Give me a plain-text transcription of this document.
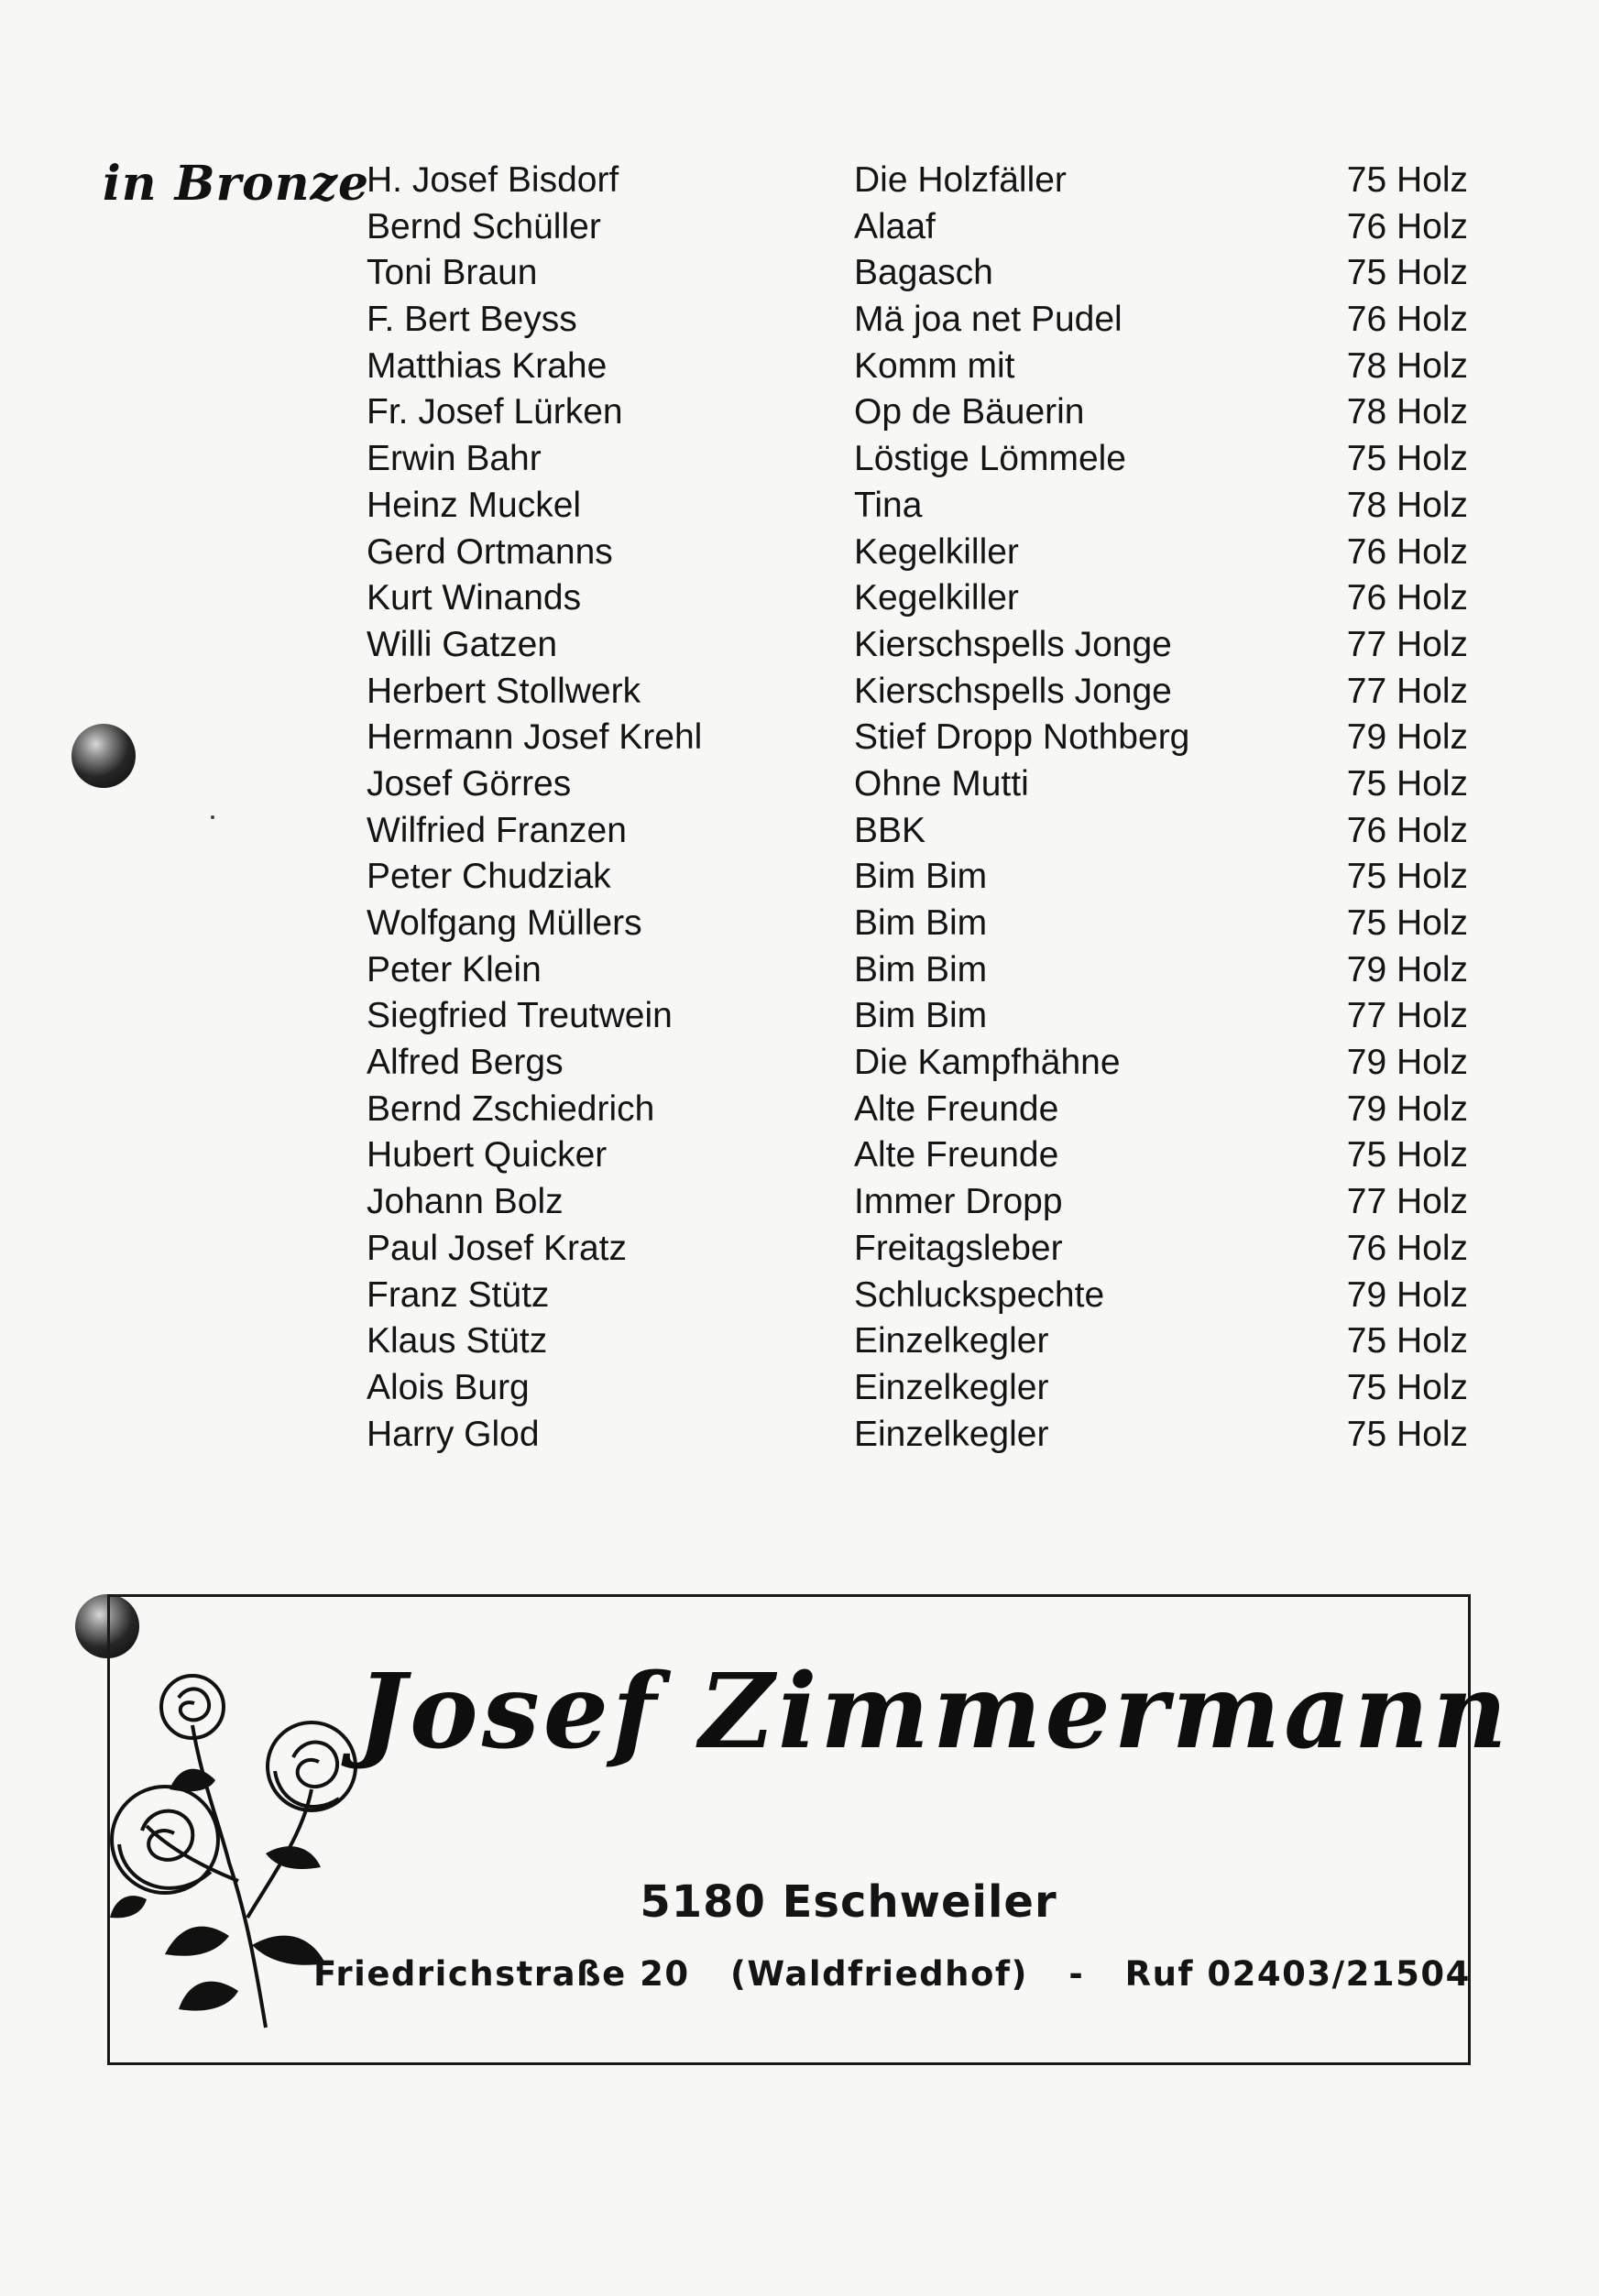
in Bronze
H. Josef Bisdorf	Die Holzfäller	75 Holz
Bernd Schüller	Alaaf	76 Holz
Toni Braun	Bagasch	75 Holz
F. Bert Beyss	Mä joa net Pudel	76 Holz
Matthias Krahe	Komm mit	78 Holz
Fr. Josef Lürken	Op de Bäuerin	78 Holz
Erwin Bahr	Löstige Lömmele	75 Holz
Heinz Muckel	Tina	78 Holz
Gerd Ortmanns	Kegelkiller	76 Holz
Kurt Winands	Kegelkiller	76 Holz
Willi Gatzen	Kierschspells Jonge	77 Holz
Herbert Stollwerk	Kierschspells Jonge	77 Holz
Hermann Josef Krehl	Stief Dropp Nothberg	79 Holz
Josef Görres	Ohne Mutti	75 Holz
Wilfried Franzen	BBK	76 Holz
Peter Chudziak	Bim Bim	75 Holz
Wolfgang Müllers	Bim Bim	75 Holz
Peter Klein	Bim Bim	79 Holz
Siegfried Treutwein	Bim Bim	77 Holz
Alfred Bergs	Die Kampfhähne	79 Holz
Bernd Zschiedrich	Alte Freunde	79 Holz
Hubert Quicker	Alte Freunde	75 Holz
Johann Bolz	Immer Dropp	77 Holz
Paul Josef Kratz	Freitagsleber	76 Holz
Franz Stütz	Schluckspechte	79 Holz
Klaus Stütz	Einzelkegler	75 Holz
Alois Burg	Einzelkegler	75 Holz
Harry Glod	Einzelkegler	75 Holz
Josef Zimmermann
5180 Eschweiler
Friedrichstraße 20 (Waldfriedhof) - Ruf 02403/21504
